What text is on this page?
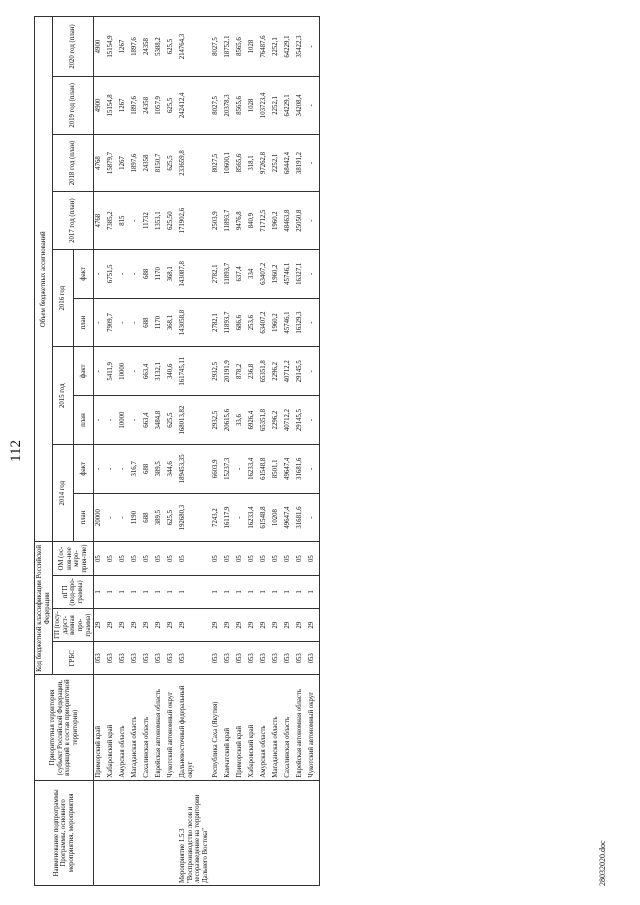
112
Наименование подпрограммы Программы, основного мероприятия, мероприятия	Приоритетная территория (субъект Российской Федерации, входящий в состав приоритетной территории)	Код бюджетной классификации Российской Федерации				Объем бюджетных ассигнований									
		ГРБС	ГП (госу-дарст-венная про-грамма)	пГП (под-про-грамма)	ОМ (ос-нов-ное меро-прия-тие)	2014 год		2015 год		2016 год		2017 год (план)	2018 год (план)	2019 год (план)	2020 год (план)
						план	факт	план	факт	план	факт				
	Приморский край	053	29	1	05	20000	-	-	-	-	-	4768	4768	4900	4900
	Хабаровский край	053	29	1	05	-	-	-	5411,9	7909,7	6751,5	7385,2	15879,7	15154,8	15154,9
	Амурская область	053	29	1	05	-	-	10000	10000	-	-	815	1267	1267	1267
	Магаданская область	053	29	1	05	1190	316,7	-	-	-	-	-	1897,6	1897,6	1897,6
	Сахалинская область	053	29	1	05	688	688	663,4	663,4	688	688	11732	24358	24358	24358
	Еврейская автономная область	053	29	1	05	389,5	389,5	3484,8	3132,1	1170	1170	1353,1	8150,7	1057,9	5388,2
	Чукотский автономный округ	053	29	1	05	625,5	344,6	625,5	340,6	368,1	368,1	625,50	625,5	625,5	625,5
Мероприятие 1.5.3 "Воспроизводство лесов и лесоразведение на территории Дальнего Востока"	Дальневосточный федеральный округ	053	29	1	05	192680,3	189453,35	168013,82	161745,11	143058,8	143087,8	171902,6	233659,8	242412,4	214764,3
	Республика Саха (Якутия)	053	29	1	05	7243,2	6603,9	2932,5	2932,5	2782,1	2782,1	2503,9	8027,5	8027,5	8027,5
	Камчатский край	053	29	1	05	16117,9	15237,3	20615,6	20191,9	11893,7	11893,7	11893,7	10600,1	20378,3	18752,1
	Приморский край	053	29	1	05	-	-	33,6	878,2	686,6	637,4	9476,8	8565,6	8565,6	8565,6
	Хабаровский край	053	29	1	05	16233,4	16233,4	6926,4	236,8	253,6	334	840,9	318,1	1028	1028
	Амурская область	053	29	1	05	61548,8	61548,8	65351,8	65351,8	63407,2	63407,2	71712,5	97262,8	103723,4	76487,6
	Магаданская область	053	29	1	05	10208	8501,1	2296,2	2296,2	1960,2	1960,2	1960,2	2252,1	2252,1	2252,1
	Сахалинская область	053	29	1	05	49647,4	49647,4	40712,2	40712,2	45746,1	45746,1	48463,8	68442,4	64229,1	64229,1
	Еврейская автономная область	053	29	1	05	31681,6	31681,6	29145,5	29145,5	16329,3	16327,1	25050,8	38191,2	34208,4	35422,3
	Чукотский автономный округ	053	29	1	05	-	-	-	-	-	-	-	-	-	-
28032020.doc
